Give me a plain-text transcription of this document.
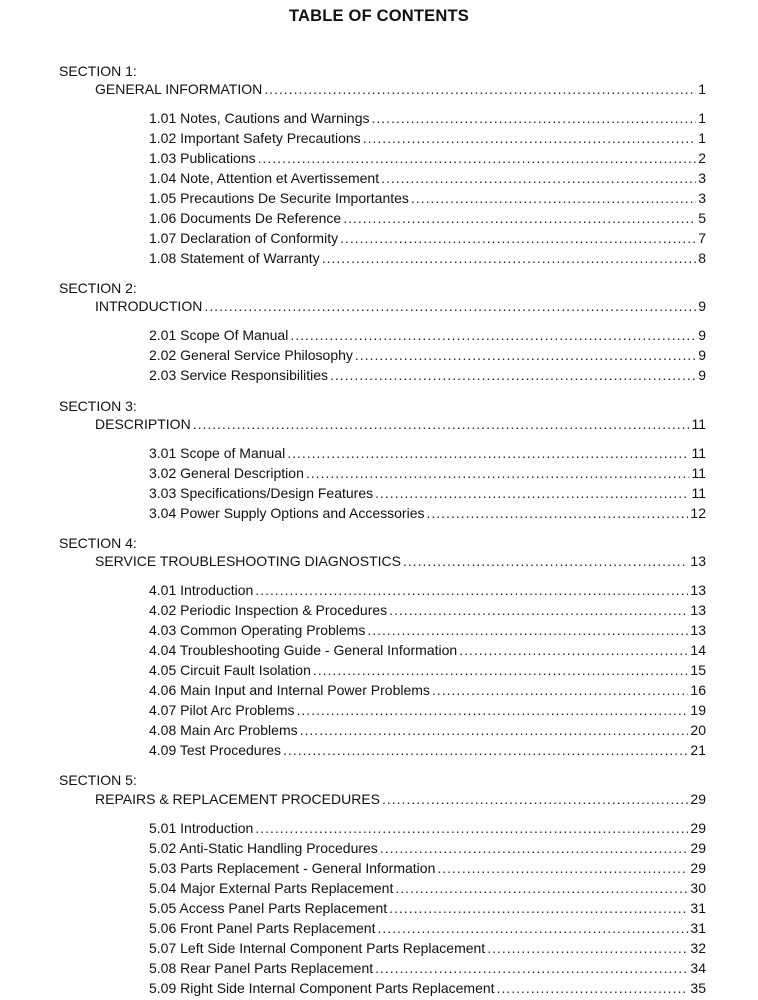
TABLE OF CONTENTS
SECTION 1:
GENERAL INFORMATION .....	1
1.01 Notes, Cautions and Warnings .....	1
1.02 Important Safety Precautions .....	1
1.03 Publications .....	2
1.04 Note, Attention et Avertissement .....	3
1.05 Precautions De Securite Importantes .....	3
1.06 Documents De Reference .....	5
1.07 Declaration of Conformity .....	7
1.08 Statement of Warranty .....	8
SECTION 2:
INTRODUCTION .....	9
2.01 Scope Of Manual .....	9
2.02 General Service Philosophy .....	9
2.03 Service Responsibilities .....	9
SECTION 3:
DESCRIPTION .....	11
3.01 Scope of Manual .....	11
3.02 General Description .....	11
3.03 Specifications/Design Features .....	11
3.04 Power Supply Options and Accessories .....	12
SECTION 4:
SERVICE TROUBLESHOOTING DIAGNOSTICS .....	13
4.01 Introduction .....	13
4.02 Periodic Inspection & Procedures .....	13
4.03 Common Operating Problems .....	13
4.04 Troubleshooting Guide - General Information .....	14
4.05 Circuit Fault Isolation .....	15
4.06 Main Input and Internal Power Problems .....	16
4.07 Pilot Arc Problems .....	19
4.08 Main Arc Problems .....	20
4.09 Test Procedures .....	21
SECTION 5:
REPAIRS & REPLACEMENT PROCEDURES .....	29
5.01 Introduction .....	29
5.02 Anti-Static Handling Procedures .....	29
5.03 Parts Replacement - General Information .....	29
5.04 Major External Parts Replacement .....	30
5.05 Access Panel Parts Replacement .....	31
5.06 Front Panel Parts Replacement .....	31
5.07 Left Side Internal Component Parts Replacement .....	32
5.08 Rear Panel Parts Replacement .....	34
5.09 Right Side Internal Component Parts Replacement .....	35
